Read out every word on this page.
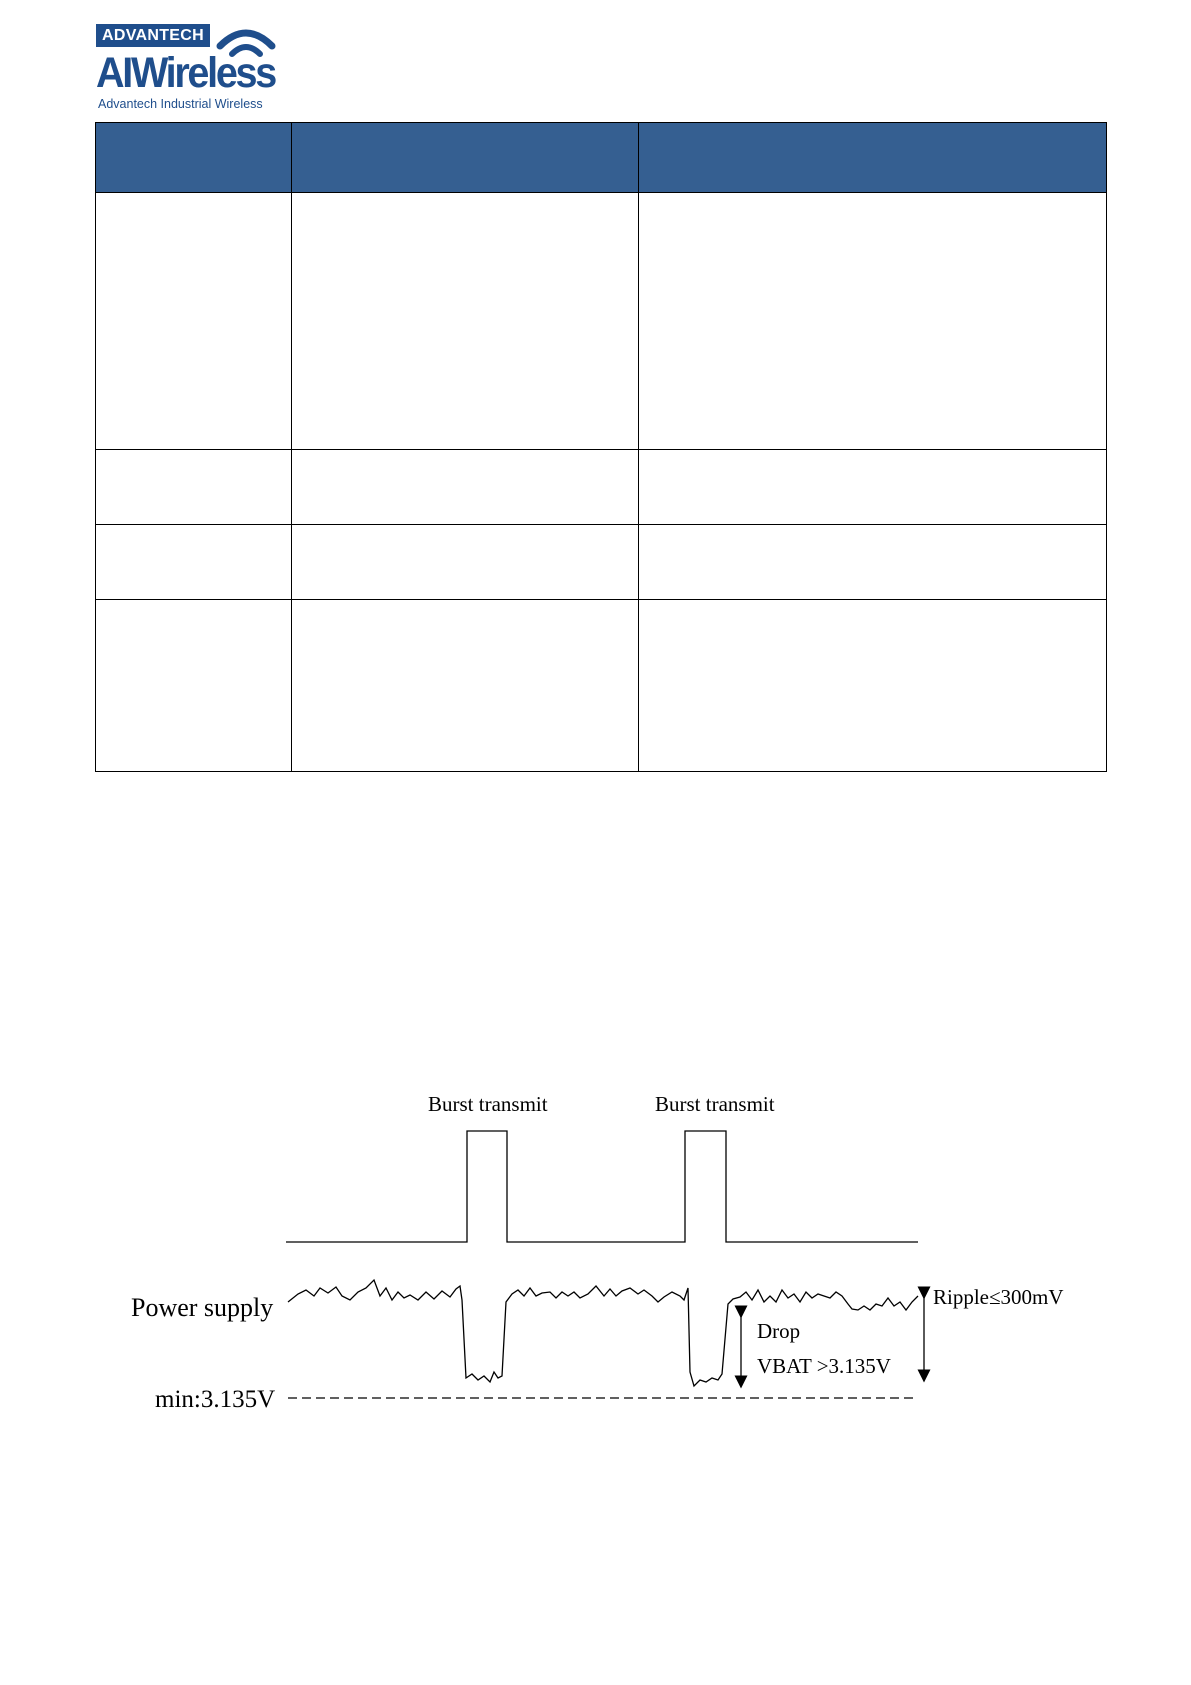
ADVANTECH
AIWireless
Advantech Industrial Wireless

Burst transmit	Burst transmit
Power supply
min:3.135V
Ripple≤300mV
Drop
VBAT >3.135V
